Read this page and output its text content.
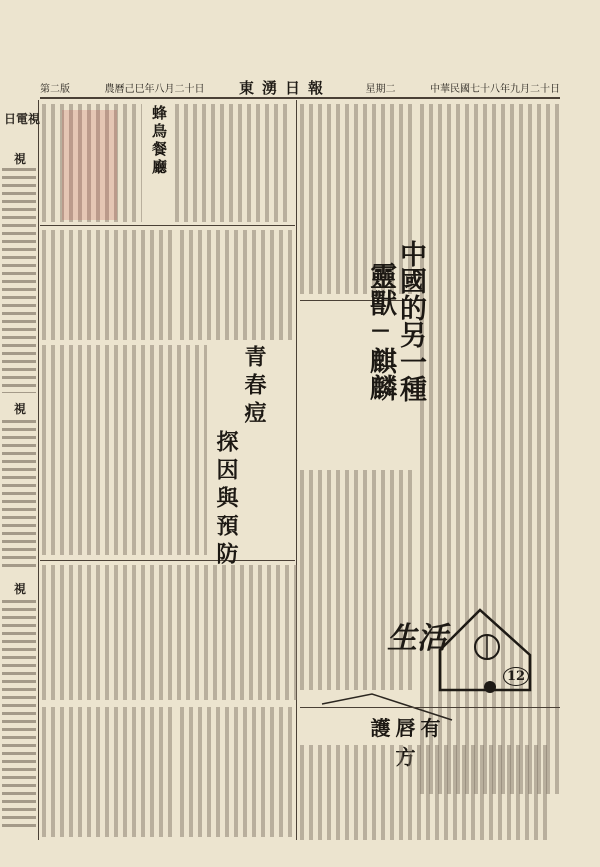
第二版	農曆己巳年八月二十日 東湧日報	星期二	中華民國七十八年九月二十日
日電視
視
視
視
中國的另一種
靈獸─麒麟
生活
12
護唇有方
青春痘
探因與預防
蜂鳥餐廳
